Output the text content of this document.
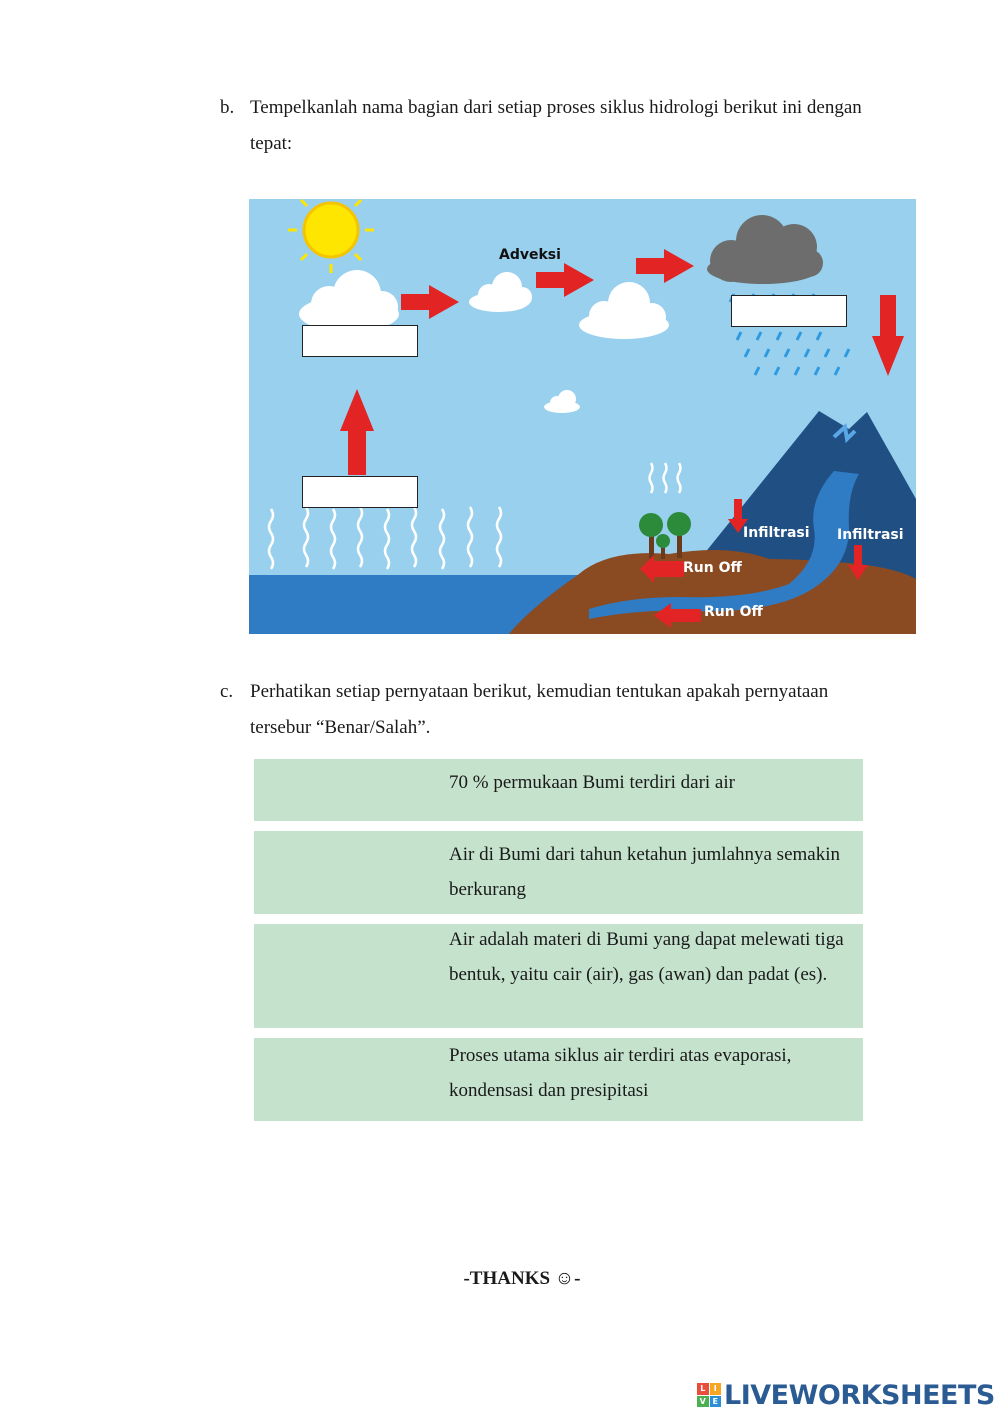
b. Tempelkanlah nama bagian dari setiap proses siklus hidrologi berikut ini dengan tepat:
Adveksi
Infiltrasi Infiltrasi
Run Off
Run Off
c. Perhatikan setiap pernyataan berikut, kemudian tentukan apakah pernyataan tersebur “Benar/Salah”.
70 % permukaan Bumi terdiri dari air
Air di Bumi dari tahun ketahun jumlahnya semakin berkurang
Air adalah materi di Bumi yang dapat melewati tiga bentuk, yaitu cair (air), gas (awan) dan padat (es).
Proses utama siklus air terdiri atas evaporasi, kondensasi dan presipitasi
-THANKS ☺-
L	I
V E LIVEWORKSHEETS
